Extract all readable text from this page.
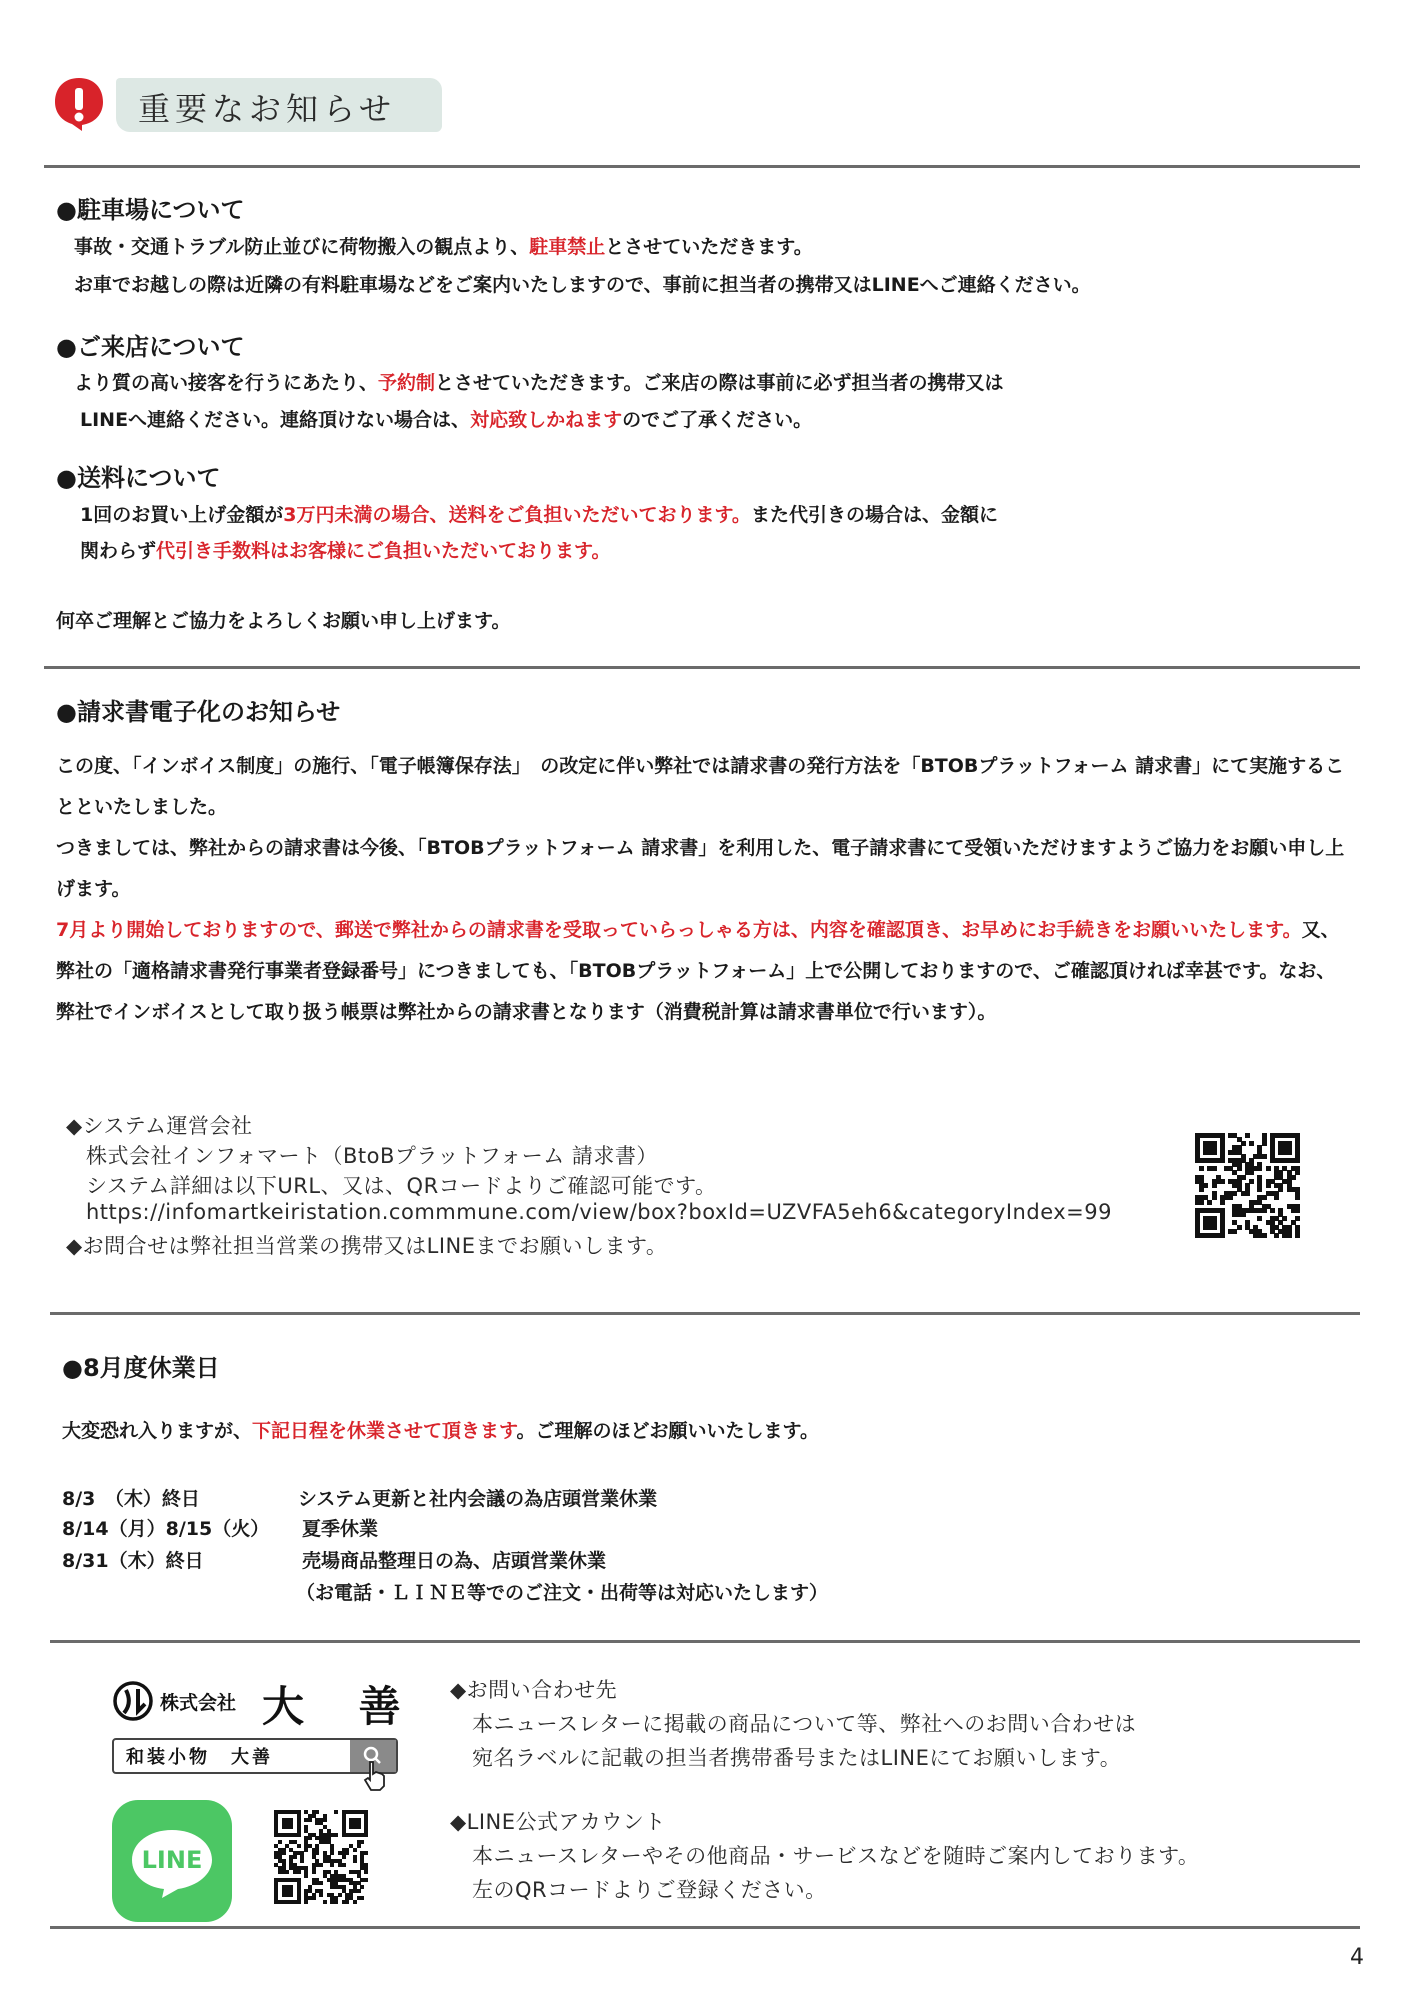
重要なお知らせ
●駐車場について
事故・交通トラブル防止並びに荷物搬入の観点より、駐車禁止とさせていただきます。
お車でお越しの際は近隣の有料駐車場などをご案内いたしますので、事前に担当者の携帯又はLINEへご連絡ください。
●ご来店について
より質の高い接客を行うにあたり、予約制とさせていただきます。ご来店の際は事前に必ず担当者の携帯又は
LINEへ連絡ください。連絡頂けない場合は、対応致しかねますのでご了承ください。
●送料について
1回のお買い上げ金額が3万円未満の場合、送料をご負担いただいております。また代引きの場合は、金額に
関わらず代引き手数料はお客様にご負担いただいております。
何卒ご理解とご協力をよろしくお願い申し上げます。
●請求書電子化のお知らせ
この度、「インボイス制度」の施行、「電子帳簿保存法」　の改定に伴い弊社では請求書の発行方法を「BTOBプラットフォーム 請求書」にて実施することといたしました。
つきましては、弊社からの請求書は今後、「BTOBプラットフォーム 請求書」を利用した、電子請求書にて受領いただけますようご協力をお願い申し上げます。
7月より開始しておりますので、郵送で弊社からの請求書を受取っていらっしゃる方は、内容を確認頂き、お早めにお手続きをお願いいたします。又、弊社の「適格請求書発行事業者登録番号」につきましても、「BTOBプラットフォーム」上で公開しておりますので、ご確認頂ければ幸甚です。なお、弊社でインボイスとして取り扱う帳票は弊社からの請求書となります（消費税計算は請求書単位で行います）。
◆システム運営会社
株式会社インフォマート（BtoBプラットフォーム 請求書）
システム詳細は以下URL、又は、QRコードよりご確認可能です。
https://infomartkeiristation.commmune.com/view/box?boxId=UZVFA5eh6&categoryIndex=99
◆お問合せは弊社担当営業の携帯又はLINEまでお願いします。
●8月度休業日
大変恐れ入りますが、下記日程を休業させて頂きます。ご理解のほどお願いいたします。
8/3　（木）終日	システム更新と社内会議の為店頭営業休業
8/14（月）8/15（火） 夏季休業
8/31（木）終日	売場商品整理日の為、店頭営業休業
（お電話・ＬＩＮＥ等でのご注文・出荷等は対応いたします）
株式会社 大 善
和装小物　大善
LINE
◆お問い合わせ先
本ニュースレターに掲載の商品について等、弊社へのお問い合わせは
宛名ラベルに記載の担当者携帯番号またはLINEにてお願いします。
◆LINE公式アカウント
本ニュースレターやその他商品・サービスなどを随時ご案内しております。
左のQRコードよりご登録ください。
4
